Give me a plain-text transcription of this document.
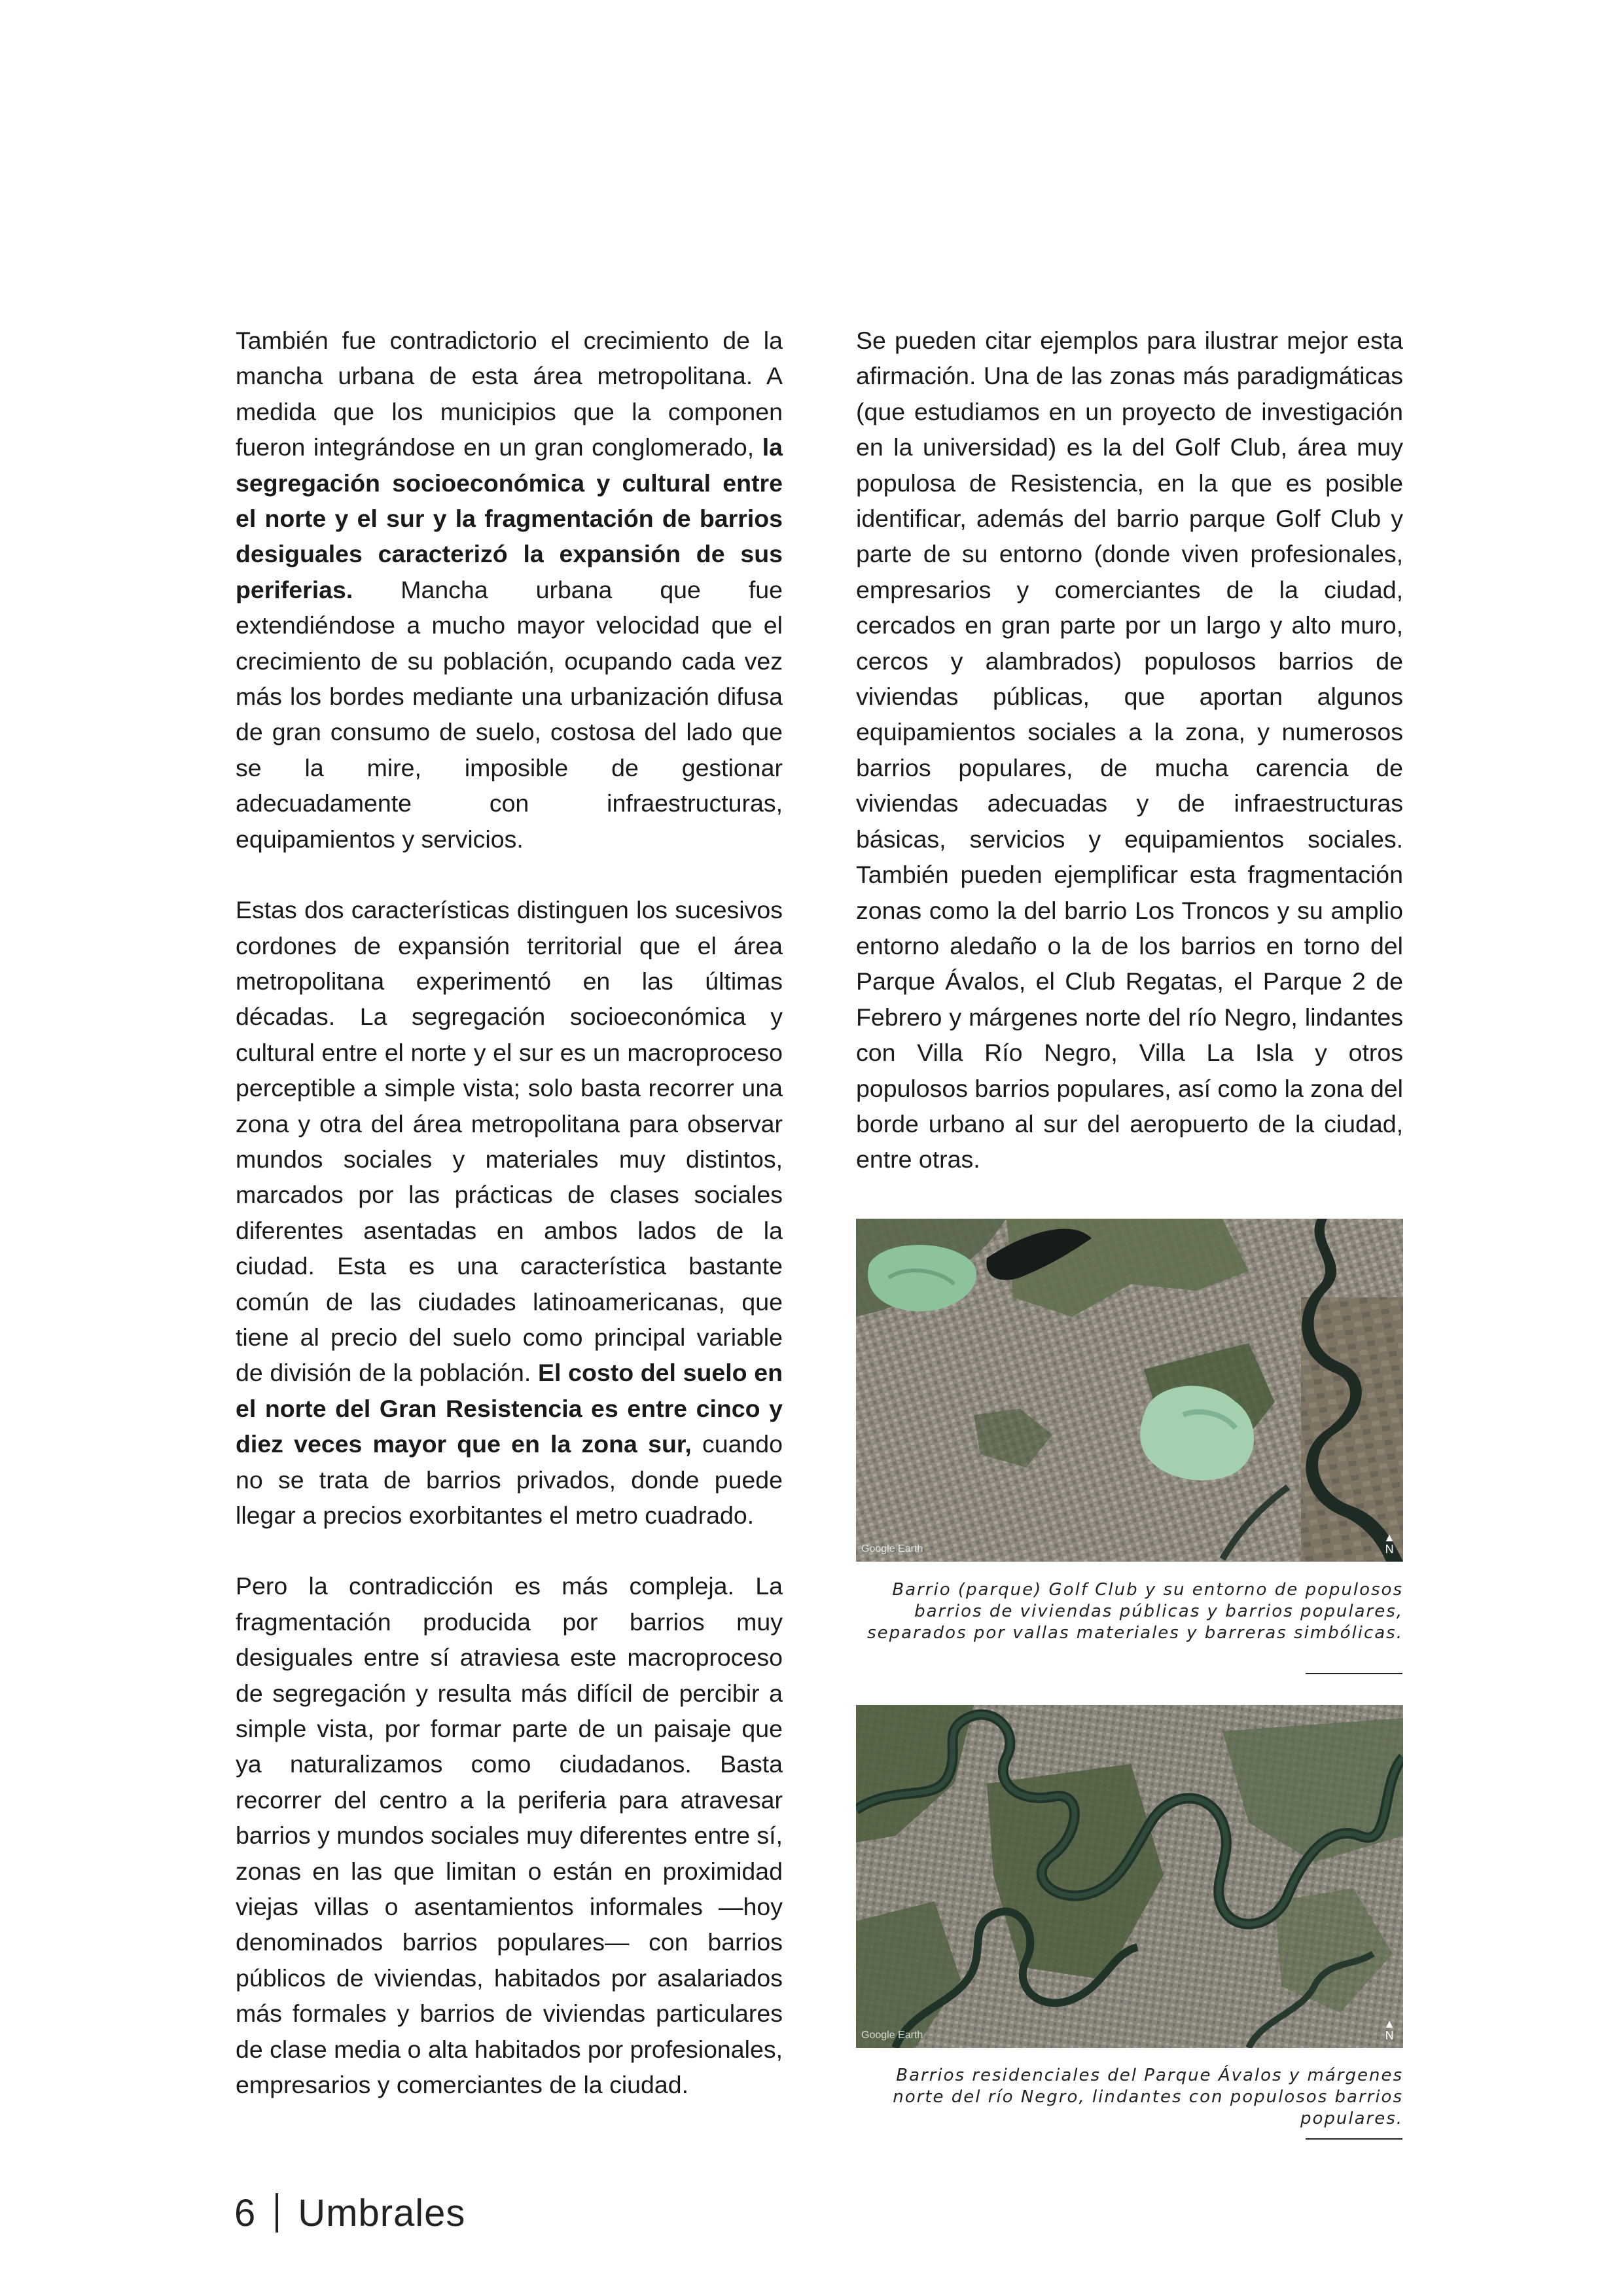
También fue contradictorio el crecimiento de la mancha urbana de esta área metropolitana. A medida que los municipios que la componen fueron integrándose en un gran conglomerado, la segregación socioeconómica y cultural entre el norte y el sur y la fragmentación de barrios desiguales caracterizó la expansión de sus periferias. Mancha urbana que fue extendiéndose a mucho mayor velocidad que el crecimiento de su población, ocupando cada vez más los bordes mediante una urbanización difusa de gran consumo de suelo, costosa del lado que se la mire, imposible de gestionar adecuadamente con infraestructuras, equipamientos y servicios.

Estas dos características distinguen los sucesivos cordones de expansión territorial que el área metropolitana experimentó en las últimas décadas. La segregación socioeconómica y cultural entre el norte y el sur es un macroproceso perceptible a simple vista; solo basta recorrer una zona y otra del área metropolitana para observar mundos sociales y materiales muy distintos, marcados por las prácticas de clases sociales diferentes asentadas en ambos lados de la ciudad. Esta es una característica bastante común de las ciudades latinoamericanas, que tiene al precio del suelo como principal variable de división de la población. El costo del suelo en el norte del Gran Resistencia es entre cinco y diez veces mayor que en la zona sur, cuando no se trata de barrios privados, donde puede llegar a precios exorbitantes el metro cuadrado.

Pero la contradicción es más compleja. La fragmentación producida por barrios muy desiguales entre sí atraviesa este macroproceso de segregación y resulta más difícil de percibir a simple vista, por formar parte de un paisaje que ya naturalizamos como ciudadanos. Basta recorrer del centro a la periferia para atravesar barrios y mundos sociales muy diferentes entre sí, zonas en las que limitan o están en proximidad viejas villas o asentamientos informales —hoy denominados barrios populares— con barrios públicos de viviendas, habitados por asalariados más formales y barrios de viviendas particulares de clase media o alta habitados por profesionales, empresarios y comerciantes de la ciudad.

Se pueden citar ejemplos para ilustrar mejor esta afirmación. Una de las zonas más paradigmáticas (que estudiamos en un proyecto de investigación en la universidad) es la del Golf Club, área muy populosa de Resistencia, en la que es posible identificar, además del barrio parque Golf Club y parte de su entorno (donde viven profesionales, empresarios y comerciantes de la ciudad, cercados en gran parte por un largo y alto muro, cercos y alambrados) populosos barrios de viviendas públicas, que aportan algunos equipamientos sociales a la zona, y numerosos barrios populares, de mucha carencia de viviendas adecuadas y de infraestructuras básicas, servicios y equipamientos sociales. También pueden ejemplificar esta fragmentación zonas como la del barrio Los Troncos y su amplio entorno aledaño o la de los barrios en torno del Parque Ávalos, el Club Regatas, el Parque 2 de Febrero y márgenes norte del río Negro, lindantes con Villa Río Negro, Villa La Isla y otros populosos barrios populares, así como la zona del borde urbano al sur del aeropuerto de la ciudad, entre otras.

Google Earth
▲
N
Barrio (parque) Golf Club y su entorno de populosos barrios de viviendas públicas y barrios populares, separados por vallas materiales y barreras simbólicas.
Google Earth
▲
N
Barrios residenciales del Parque Ávalos y márgenes norte del río Negro, lindantes con populosos barrios populares.
6 Umbrales
